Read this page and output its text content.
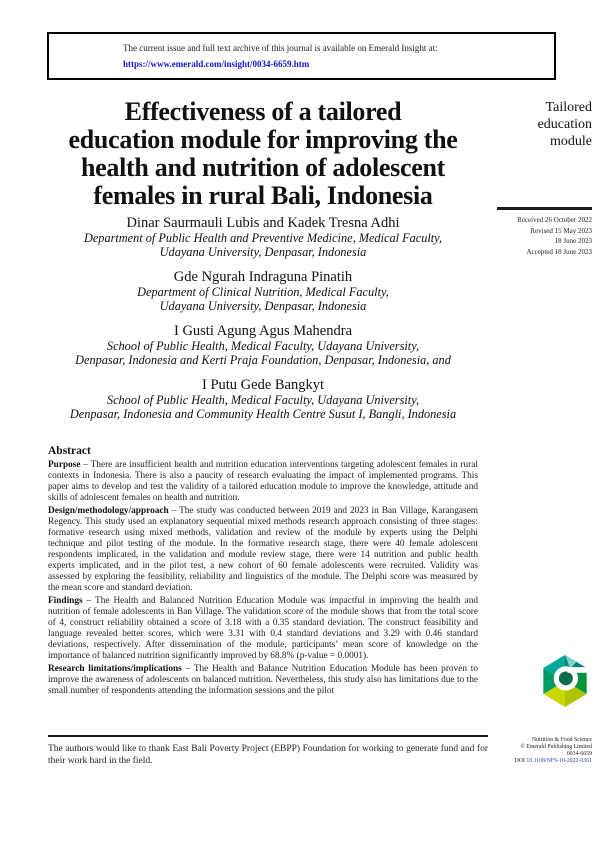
The current issue and full text archive of this journal is available on Emerald Insight at:
https://www.emerald.com/insight/0034-6659.htm
Effectiveness of a tailored
education module for improving the
health and nutrition of adolescent
females in rural Bali, Indonesia
Dinar Saurmauli Lubis and Kadek Tresna Adhi
Department of Public Health and Preventive Medicine, Medical Faculty,
Udayana University, Denpasar, Indonesia
Gde Ngurah Indraguna Pinatih
Department of Clinical Nutrition, Medical Faculty,
Udayana University, Denpasar, Indonesia
I Gusti Agung Agus Mahendra
School of Public Health, Medical Faculty, Udayana University,
Denpasar, Indonesia and Kerti Praja Foundation, Denpasar, Indonesia, and
I Putu Gede Bangkyt
School of Public Health, Medical Faculty, Udayana University,
Denpasar, Indonesia and Community Health Centre Susut I, Bangli, Indonesia
Abstract

Purpose – There are insufficient health and nutrition education interventions targeting adolescent females in rural contexts in Indonesia. There is also a paucity of research evaluating the impact of implemented programs. This paper aims to develop and test the validity of a tailored education module to improve the knowledge, attitude and skills of adolescent females on health and nutrition.

Design/methodology/approach – The study was conducted between 2019 and 2023 in Ban Village, Karangasem Regency. This study used an explanatory sequential mixed methods research approach consisting of three stages: formative research using mixed methods, validation and review of the module by experts using the Delphi technique and pilot testing of the module. In the formative research stage, there were 40 female adolescent respondents implicated, in the validation and module review stage, there were 14 nutrition and public health experts implicated, and in the pilot test, a new cohort of 60 female adolescents were recruited. Validity was assessed by exploring the feasibility, reliability and linguistics of the module. The Delphi score was measured by the mean score and standard deviation.

Findings – The Health and Balanced Nutrition Education Module was impactful in improving the health and nutrition of female adolescents in Ban Village. The validation score of the module shows that from the total score of 4, construct reliability obtained a score of 3.18 with a 0.35 standard deviation. The construct feasibility and language revealed better scores, which were 3.31 with 0.4 standard deviations and 3.29 with 0.46 standard deviations, respectively. After dissemination of the module, participants’ mean score of knowledge on the importance of balanced nutrition significantly improved by 68.8% (p-value = 0.0001).

Research limitations/implications – The Health and Balance Nutrition Education Module has been proven to improve the awareness of adolescents on balanced nutrition. Nevertheless, this study also has limitations due to the small number of respondents attending the information sessions and the pilot

Tailored education module
Received 26 October 2022
Revised 15 May 2023
18 June 2023
Accepted 18 June 2023
Nutrition & Food Science
© Emerald Publishing Limited
0034-6659
DOI 10.1108/NFS-10-2022-0361

The authors would like to thank East Bali Poverty Project (EBPP) Foundation for working to generate fund and for their work hard in the field.
